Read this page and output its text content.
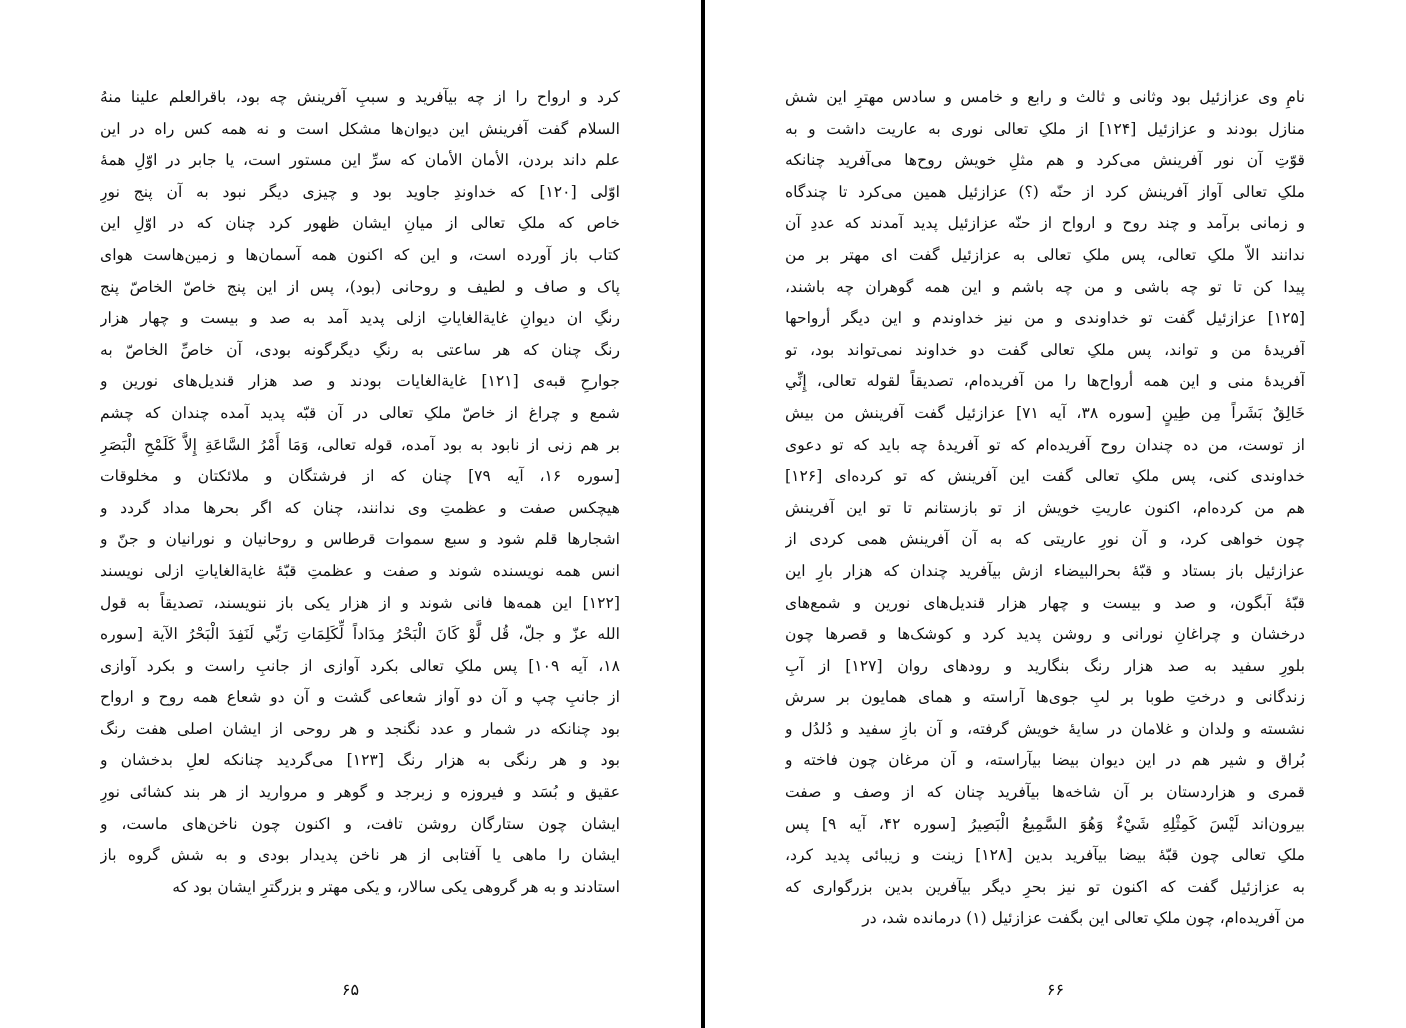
کرد و ارواح را از چه بیآفرید و سببِ آفرینش چه بود، باقرالعلم علینا منهُ
السلام گفت آفرینش این دیوان‌ها مشکل است و نه همه کس راه در این
علم داند بردن، الأمان الأمان که سرِّ این مستور است، یا جابر در اوّلِ همهٔ
اوّلی [۱۲۰] که خداوندِ جاوید بود و چیزی دیگر نبود به آن پنج نورِ
خاص که ملکِ تعالی از میانِ ایشان ظهور کرد چنان که در اوّلِ این
کتاب باز آورده است، و این که اکنون همه آسمان‌ها و زمین‌هاست هوای
پاک و صاف و لطیف و روحانی (بود)، پس از این پنج خاصّ الخاصّ پنج
رنگِ ان دیوانِ غایةالغایاتِ ازلی پدید آمد به صد و بیست و چهار هزار
رنگ چنان که هر ساعتی به رنگِ دیگرگونه بودی، آن خاصِّ الخاصّ به
جوارحِ قبه‌ی [۱۲۱] غایةالغایات بودند و صد هزار قندیل‌های نورین و
شمع و چراغ از خاصّ ملکِ تعالی در آن قبّه پدید آمده چندان که چشم
بر هم زنی از نابود به بود آمده، قوله تعالی، وَمَا أَمْرُ السَّاعَةِ إِلاَّ كَلَمْحِ الْبَصَرِ
[سوره ۱۶، آیه ۷۹] چنان که از فرشتگان و ملائکتان و مخلوقات
هیچکس صفت و عظمتِ وی ندانند، چنان که اگر بحرها مداد گردد و
اشجارها قلم شود و سبع سموات قرطاس و روحانیان و نورانیان و جنّ و
انس همه نویسنده شوند و صفت و عظمتِ قبّهٔ غایةالغایاتِ ازلی نویسند
[۱۲۲] این همه‌ها فانی شوند و از هزار یکی باز ننویسند، تصدیقاً به قول
الله عزّ و جلّ، قُل لَّوْ كَانَ الْبَحْرُ مِدَاداً لِّكَلِمَاتِ رَبِّي لَنَفِدَ الْبَحْرُ الآیة [سوره
۱۸، آیه ۱۰۹] پس ملکِ تعالی بکرد آوازی از جانبِ راست و بکرد آوازی
از جانبِ چپ و آن دو آواز شعاعی گشت و آن دو شعاع همه روح و ارواح
بود چنانکه در شمار و عدد نگنجد و هر روحی از ایشان اصلی هفت رنگ
بود و هر رنگی به هزار رنگ [۱۲۳] می‌گردید چنانکه لعلِ بدخشان و
عقیق و بُسَد و فیروزه و زبرجد و گوهر و مروارید از هر بند کشائی نورِ
ایشان چون ستارگان روشن تافت، و اکنون چون ناخن‌های ماست، و
ایشان را ماهی یا آفتابی از هر ناخن پدیدار بودی و به شش گروه باز
استادند و به هر گروهی یکی سالار، و یکی مهتر و بزرگترِ ایشان بود که
۶۵
نامِ وی عزازئیل بود وثانی و ثالث و رابع و خامس و سادس مهترِ این شش
منازل بودند و عزازئیل [۱۲۴] از ملکِ تعالی نوری به عاریت داشت و به
قوّتِ آن نور آفرینش می‌کرد و هم مثلِ خویش روح‌ها می‌آفرید چنانکه
ملکِ تعالی آواز آفرینش کرد از حنّه (؟) عزازئیل همین می‌کرد تا چندگاه
و زمانی برآمد و چند روح و ارواح از حنّه عزازئیل پدید آمدند که عددِ آن
ندانند الاّ ملکِ تعالی، پس ملکِ تعالی به عزازئیل گفت ای مهتر بر من
پیدا کن تا تو چه باشی و من چه باشم و این همه گوهران چه باشند،
[۱۲۵] عزازئیل گفت تو خداوندی و من نیز خداوندم و این دیگر أرواحها
آفریدهٔ من و تواند، پس ملکِ تعالی گفت دو خداوند نمی‌تواند بود، تو
آفریدهٔ منی و این همه أرواح‌ها را من آفریده‌ام، تصدیقاً لقوله تعالی، إِنِّي
خَالِقٌ بَشَراً مِن طِينٍ [سوره ۳۸، آیه ۷۱] عزازئیل گفت آفرینش من بیش
از توست، من ده چندان روح آفریده‌ام که تو آفریدهٔ چه باید که تو دعوی
خداوندی کنی، پس ملکِ تعالی گفت این آفرینش که تو کرده‌ای [۱۲۶]
هم من کرده‌ام، اکنون عاریتِ خویش از تو بازستانم تا تو این آفرینش
چون خواهی کرد، و آن نورِ عاریتی که به آن آفرینش همی کردی از
عزازئیل باز بستاد و قبّهٔ بحرالبیضاء ازش بیآفرید چندان که هزار بارِ این
قبّهٔ آبگون، و صد و بیست و چهار هزار قندیل‌های نورین و شمع‌های
درخشان و چراغانِ نورانی و روشن پدید کرد و کوشک‌ها و قصرها چون
بلورِ سفید به صد هزار رنگ بنگارید و رودهای روان [۱۲۷] از آبِ
زندگانی و درختِ طوبا بر لبِ جوی‌ها آراسته و همای همایون بر سرش
نشسته و ولدان و غلامان در سایهٔ خویش گرفته، و آن بازِ سفید و دُلدُل و
بُراق و شیر هم در این دیوان بیضا بیآراسته، و آن مرغان چون فاخته و
قمری و هزاردستان بر آن شاخه‌ها بیآفرید چنان که از وصف و صفت
بیرون‌اند لَيْسَ كَمِثْلِهِ شَيْءٌ وَهُوَ السَّمِيعُ الْبَصِيرُ [سوره ۴۲، آیه ۹] پس
ملکِ تعالی چون قبّهٔ بیضا بیآفرید بدین [۱۲۸] زینت و زیبائی پدید کرد،
به عزازئیل گفت که اکنون تو نیز بحرِ دیگر بیآفرین بدین بزرگواری که
من آفریده‌ام، چون ملکِ تعالی این بگفت عزازئیل (۱) درمانده شد، در
۶۶
